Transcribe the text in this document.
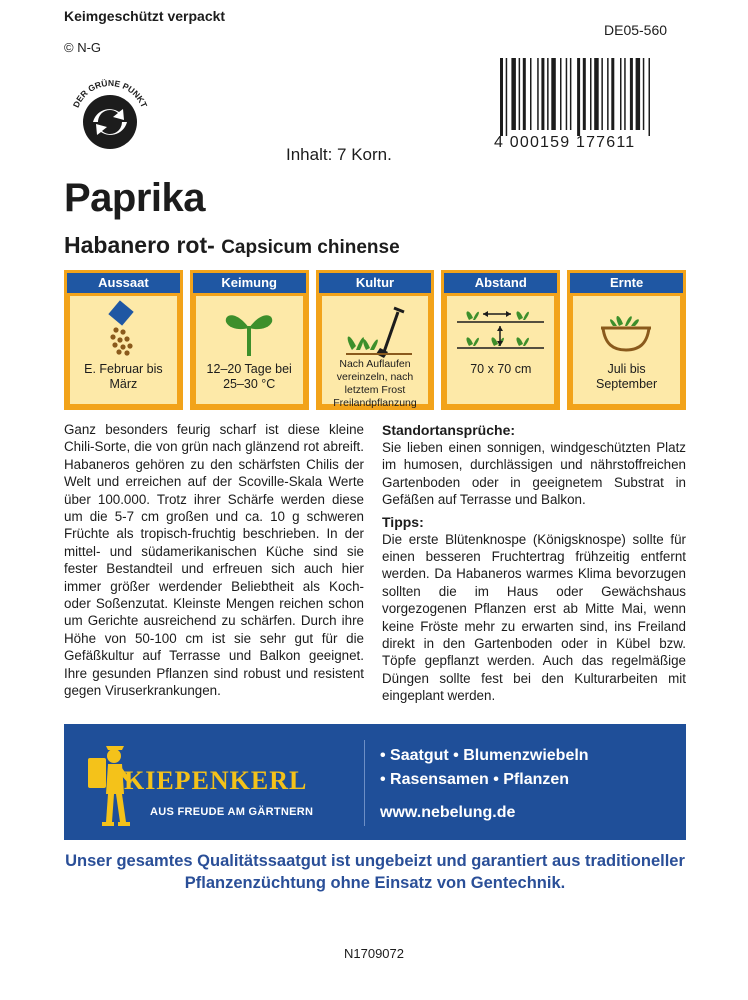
Keimgeschützt verpackt
© N-G
DE05-560
DER GRÜNE PUNKT
Inhalt: 7 Korn.
4 000159 177611
Paprika
Habanero rot- Capsicum chinense
Aussaat
E. Februar bis März
Keimung
12–20 Tage bei 25–30 °C
Kultur
Nach Auflaufen vereinzeln, nach letztem Frost Freilandpflanzung
Abstand
70 x 70 cm
Ernte
Juli bis September
Ganz besonders feurig scharf ist diese kleine Chili-Sorte, die von grün nach glänzend rot abreift. Habaneros gehören zu den schärfsten Chilis der Welt und erreichen auf der Scoville-Skala Werte über 100.000. Trotz ihrer Schärfe werden diese um die 5-7 cm großen und ca. 10 g schweren Früchte als tropisch-fruchtig beschrieben. In der mittel- und südamerikanischen Küche sind sie fester Bestandteil und erfreuen sich auch hier immer größer werdender Beliebtheit als Koch- oder Soßenzutat. Kleinste Mengen reichen schon um Gerichte ausreichend zu schärfen. Durch ihre Höhe von 50-100 cm ist sie sehr gut für die Gefäßkultur auf Terrasse und Balkon geeignet. Ihre gesunden Pflanzen sind robust und resistent gegen Viruserkrankungen.
Standortansprüche:

Sie lieben einen sonnigen, windgeschützten Platz im humosen, durchlässigen und nährstoffreichen Gartenboden oder in geeignetem Substrat in Gefäßen auf Terrasse und Balkon.

Tipps:

Die erste Blütenknospe (Königsknospe) sollte für einen besseren Fruchtertrag frühzeitig entfernt werden. Da Habaneros warmes Klima bevorzugen sollten die im Haus oder Gewächshaus vorgezogenen Pflanzen erst ab Mitte Mai, wenn keine Fröste mehr zu erwarten sind, ins Freiland direkt in den Gartenboden oder in Kübel bzw. Töpfe gepflanzt werden. Auch das regelmäßige Düngen sollte fest bei den Kulturarbeiten mit eingeplant werden.

KIEPENKERL
AUS FREUDE AM GÄRTNERN
• Saatgut • Blumenzwiebeln
• Rasensamen • Pflanzen
www.nebelung.de
Unser gesamtes Qualitätssaatgut ist ungebeizt und garantiert aus traditioneller Pflanzenzüchtung ohne Einsatz von Gentechnik.
N1709072
